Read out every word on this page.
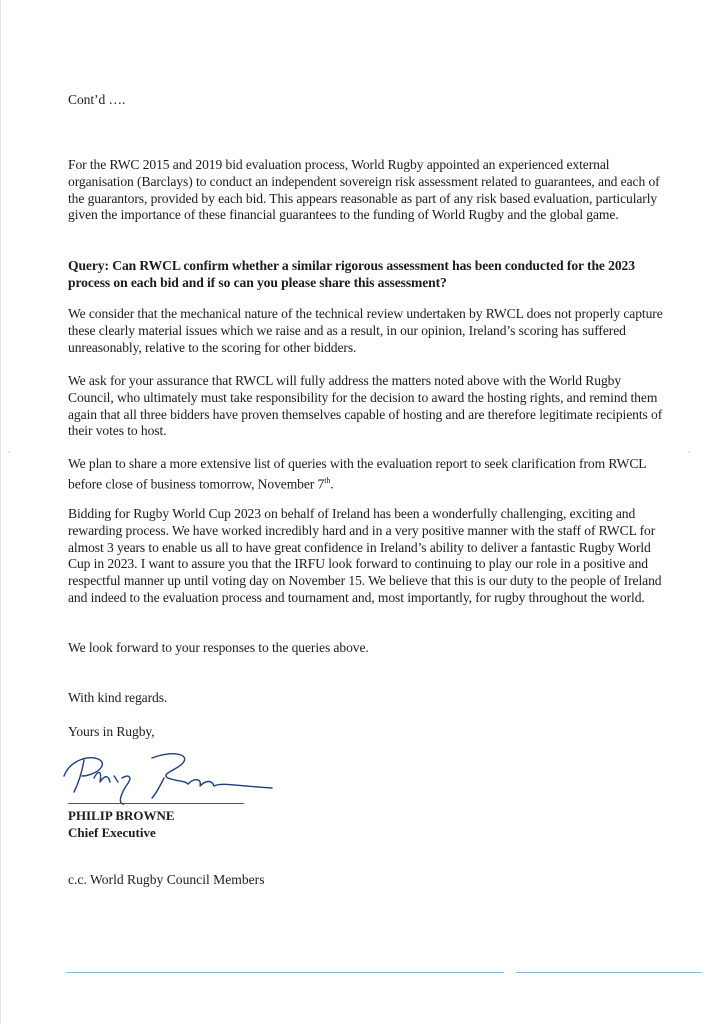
Cont’d ….

For the RWC 2015 and 2019 bid evaluation process, World Rugby appointed an experienced external organisation (Barclays) to conduct an independent sovereign risk assessment related to guarantees, and each of the guarantors, provided by each bid. This appears reasonable as part of any risk based evaluation, particularly given the importance of these financial guarantees to the funding of World Rugby and the global game.

Query: Can RWCL confirm whether a similar rigorous assessment has been conducted for the 2023 process on each bid and if so can you please share this assessment?

We consider that the mechanical nature of the technical review undertaken by RWCL does not properly capture these clearly material issues which we raise and as a result, in our opinion, Ireland’s scoring has suffered unreasonably, relative to the scoring for other bidders.

We ask for your assurance that RWCL will fully address the matters noted above with the World Rugby Council, who ultimately must take responsibility for the decision to award the hosting rights, and remind them again that all three bidders have proven themselves capable of hosting and are therefore legitimate recipients of their votes to host.

We plan to share a more extensive list of queries with the evaluation report to seek clarification from RWCL before close of business tomorrow, November 7th.

Bidding for Rugby World Cup 2023 on behalf of Ireland has been a wonderfully challenging, exciting and rewarding process. We have worked incredibly hard and in a very positive manner with the staff of RWCL for almost 3 years to enable us all to have great confidence in Ireland’s ability to deliver a fantastic Rugby World Cup in 2023. I want to assure you that the IRFU look forward to continuing to play our role in a positive and respectful manner up until voting day on November 15. We believe that this is our duty to the people of Ireland and indeed to the evaluation process and tournament and, most importantly, for rugby throughout the world.

We look forward to your responses to the queries above.

With kind regards.

Yours in Rugby,

PHILIP BROWNE
Chief Executive

c.c. World Rugby Council Members
